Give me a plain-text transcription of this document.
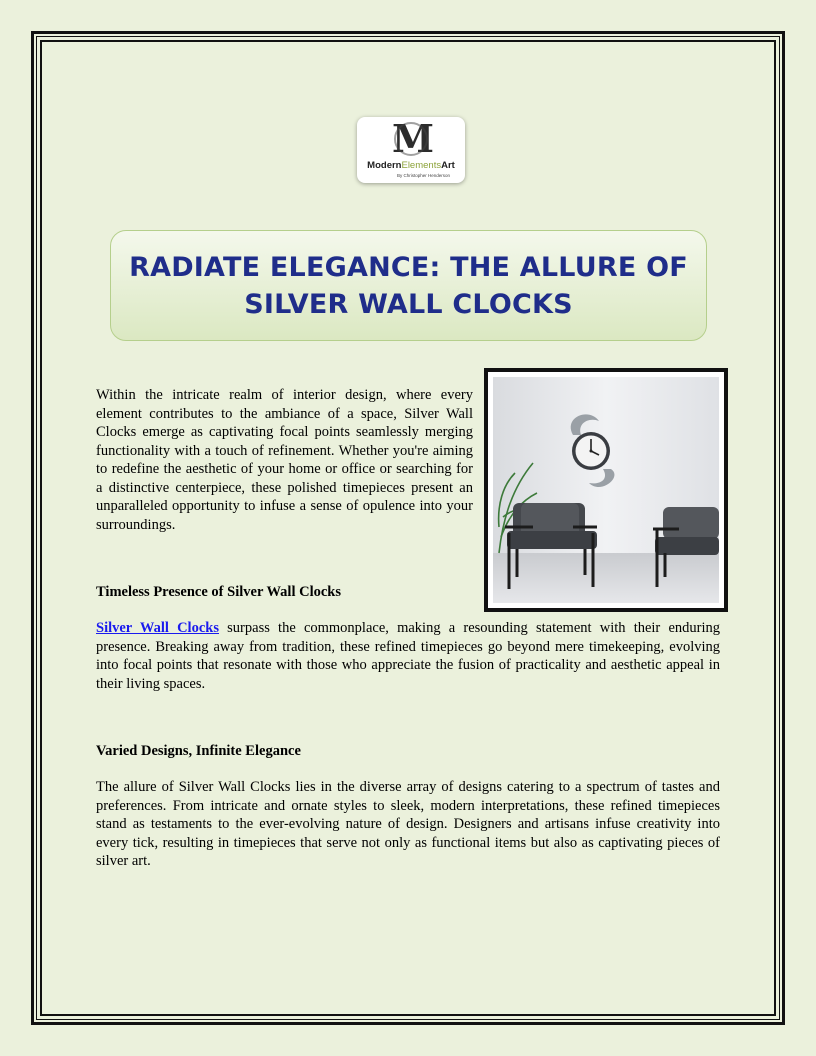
M
ModernElementsArt
By Christopher Henderson
RADIATE ELEGANCE: THE ALLURE OF
SILVER WALL CLOCKS

Within the intricate realm of interior design, where every element contributes to the ambiance of a space, Silver Wall Clocks emerge as captivating focal points seamlessly merging functionality with a touch of refinement. Whether you're aiming to redefine the aesthetic of your home or office or searching for a distinctive centerpiece, these polished timepieces present an unparalleled opportunity to infuse a sense of opulence into your surroundings.

Timeless Presence of Silver Wall Clocks

Silver Wall Clocks surpass the commonplace, making a resounding statement with their enduring presence. Breaking away from tradition, these refined timepieces go beyond mere timekeeping, evolving into focal points that resonate with those who appreciate the fusion of practicality and aesthetic appeal in their living spaces.

Varied Designs, Infinite Elegance

The allure of Silver Wall Clocks lies in the diverse array of designs catering to a spectrum of tastes and preferences. From intricate and ornate styles to sleek, modern interpretations, these refined timepieces stand as testaments to the ever-evolving nature of design. Designers and artisans infuse creativity into every tick, resulting in timepieces that serve not only as functional items but also as captivating pieces of silver art.
